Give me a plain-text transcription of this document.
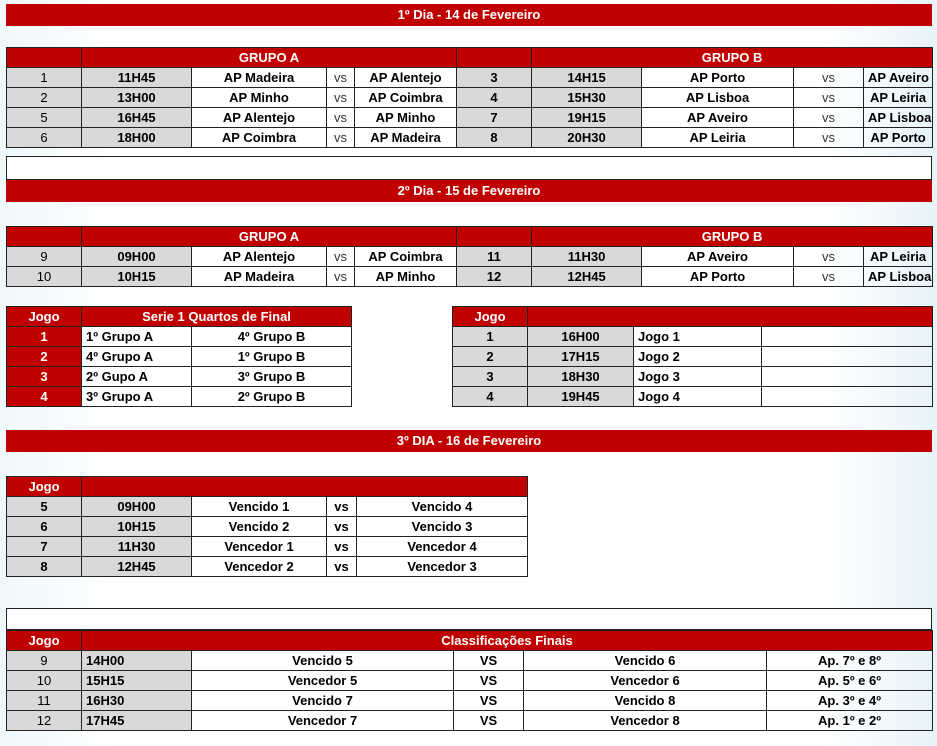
1º Dia - 14 de Fevereiro
	GRUPO A					GRUPO B			
1	11H45	AP Madeira	vs	AP Alentejo	3	14H15	AP Porto	vs	AP Aveiro
2	13H00	AP Minho	vs	AP Coimbra	4	15H30	AP Lisboa	vs	AP Leiria
5	16H45	AP Alentejo	vs	AP Minho	7	19H15	AP Aveiro	vs	AP Lisboa
6	18H00	AP Coimbra	vs	AP Madeira	8	20H30	AP Leiria	vs	AP Porto
2º Dia - 15 de Fevereiro
	GRUPO A					GRUPO B			
9	09H00	AP Alentejo	vs	AP Coimbra	11	11H30	AP Aveiro	vs	AP Leiria
10	10H15	AP Madeira	vs	AP Minho	12	12H45	AP Porto	vs	AP Lisboa
Jogo	Serie 1 Quartos de Final	
1	1º Grupo A	4º Grupo B
2	4º Grupo A	1º Grupo B
3	2º Gupo A	3º Grupo B
4	3º Grupo A	2º Grupo B
Jogo			
1	16H00	Jogo 1	
2	17H15	Jogo 2	
3	18H30	Jogo 3	
4	19H45	Jogo 4	
3º DIA - 16 de Fevereiro
Jogo				
5	09H00	Vencido 1	vs	Vencido 4
6	10H15	Vencido 2	vs	Vencido 3
7	11H30	Vencedor 1	vs	Vencedor 4
8	12H45	Vencedor 2	vs	Vencedor 3
Jogo	Classificações Finais				
9	14H00	Vencido 5	VS	Vencido 6	Ap. 7º e 8º
10	15H15	Vencedor 5	VS	Vencedor 6	Ap. 5º e 6º
11	16H30	Vencido 7	VS	Vencido 8	Ap. 3º e 4º
12	17H45	Vencedor 7	VS	Vencedor 8	Ap. 1º e 2º
